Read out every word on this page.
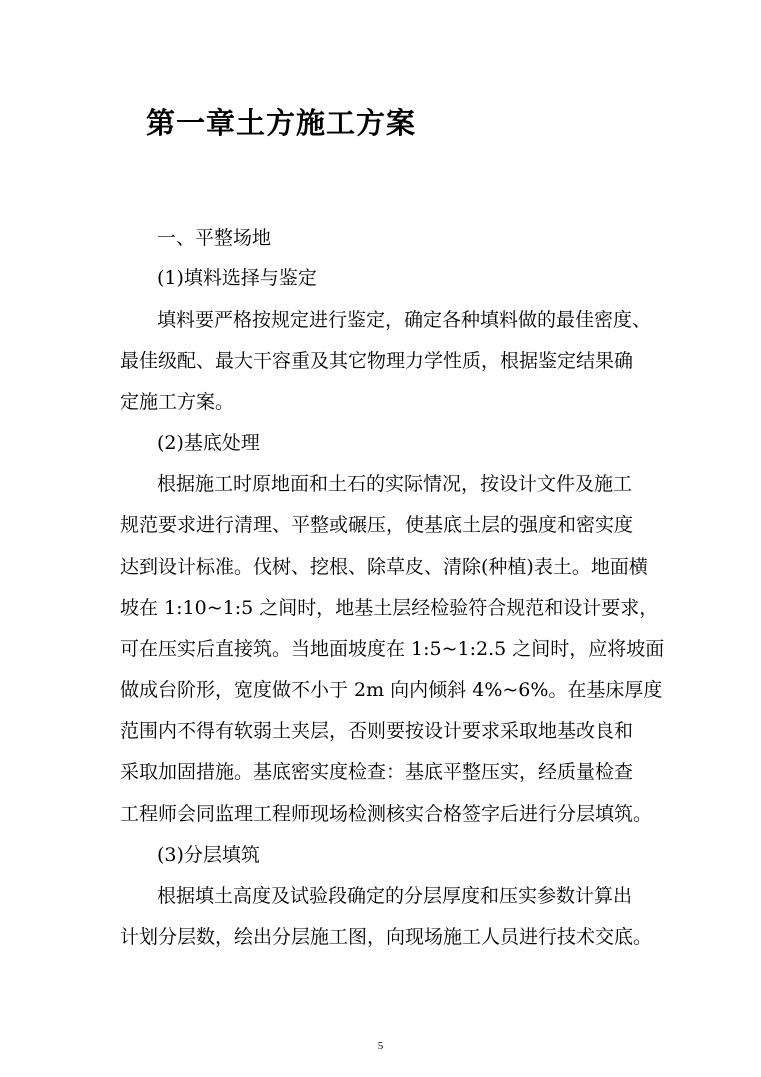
第一章土方施工方案

一、平整场地

(1)填料选择与鉴定

填料要严格按规定进行鉴定，确定各种填料做的最佳密度、

最佳级配、最大干容重及其它物理力学性质，根据鉴定结果确

定施工方案。

(2)基底处理

根据施工时原地面和土石的实际情况，按设计文件及施工

规范要求进行清理、平整或碾压，使基底土层的强度和密实度

达到设计标准。伐树、挖根、除草皮、清除(种植)表土。地面横

坡在 1:10~1:5 之间时，地基土层经检验符合规范和设计要求，

可在压实后直接筑。当地面坡度在 1:5~1:2.5 之间时，应将坡面

做成台阶形，宽度做不小于 2m 向内倾斜 4%~6%。在基床厚度

范围内不得有软弱土夹层，否则要按设计要求采取地基改良和

采取加固措施。基底密实度检查：基底平整压实，经质量检查

工程师会同监理工程师现场检测核实合格签字后进行分层填筑。

(3)分层填筑

根据填土高度及试验段确定的分层厚度和压实参数计算出

计划分层数，绘出分层施工图，向现场施工人员进行技术交底。

5
